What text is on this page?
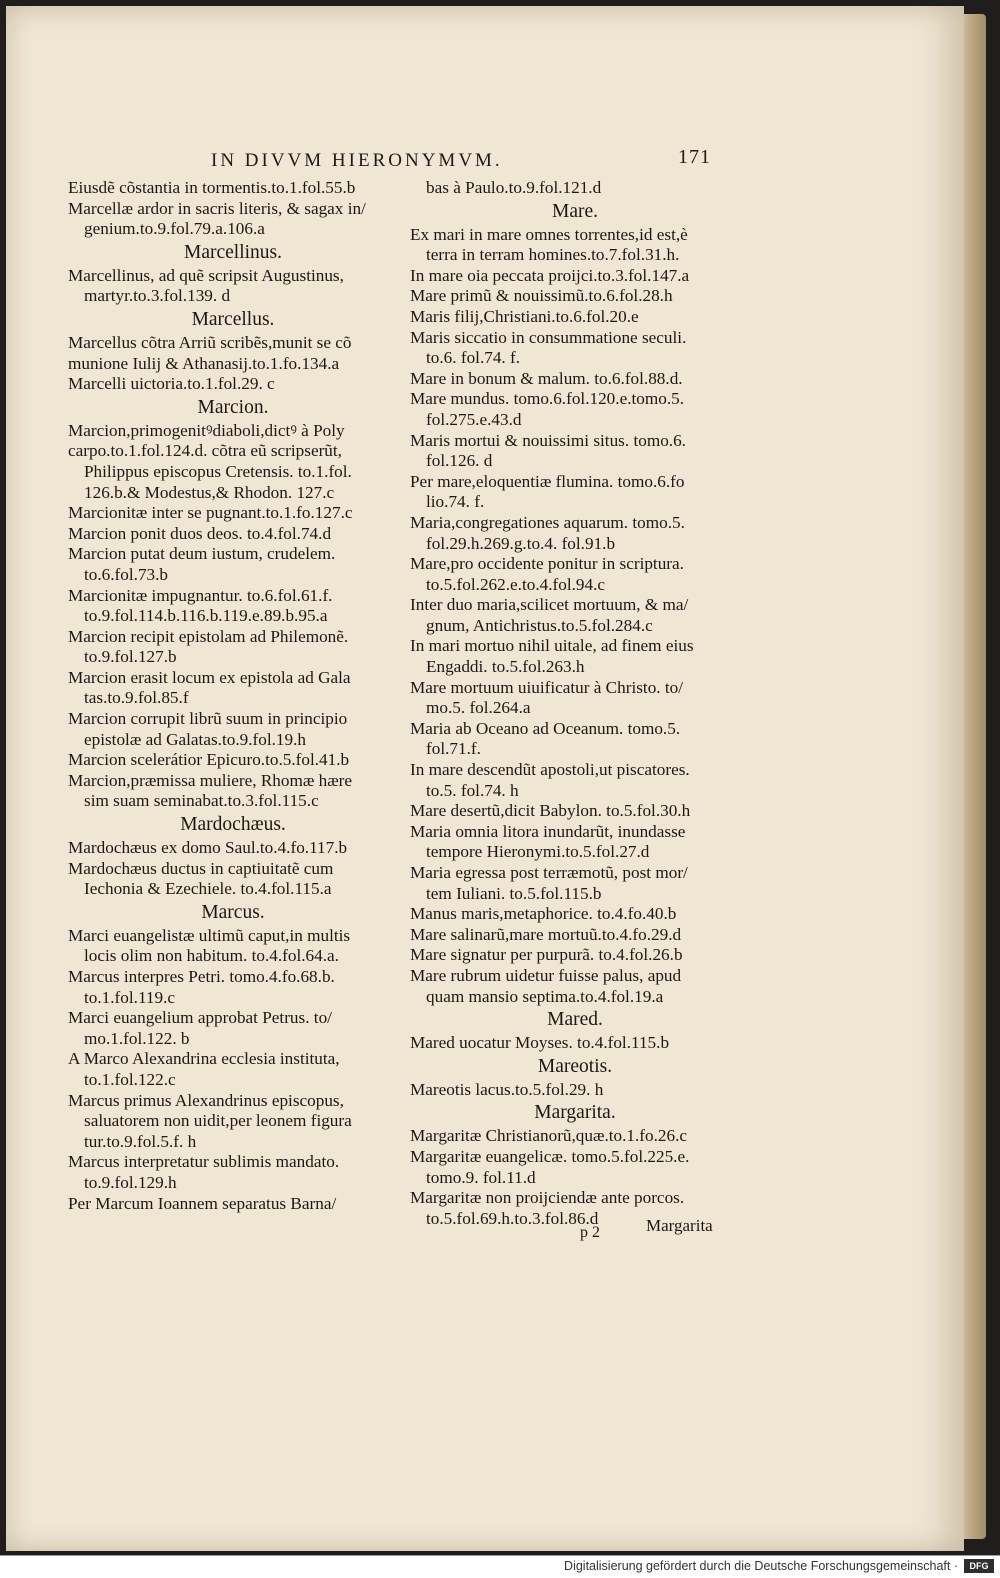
IN DIVVM HIERONYMVM.	171
Eiusdẽ cõstantia in tormentis.to.1.fol.55.b
Marcellæ ardor in sacris literis, & sagax in/
genium.to.9.fol.79.a.106.a
Marcellinus.
Marcellinus, ad quẽ scripsit Augustinus,
martyr.to.3.fol.139. d
Marcellus.
Marcellus cõtra Arriũ scribẽs,munit se cõ
munione Iulij & Athanasij.to.1.fo.134.a
Marcelli uictoria.to.1.fol.29. c
Marcion.
Marcion,primogenitꝰdiaboli,dictꝰ à Poly
carpo.to.1.fol.124.d. cõtra eũ scripserũt,
Philippus episcopus Cretensis. to.1.fol.
126.b.& Modestus,& Rhodon. 127.c
Marcionitæ inter se pugnant.to.1.fo.127.c
Marcion ponit duos deos. to.4.fol.74.d
Marcion putat deum iustum, crudelem.
to.6.fol.73.b
Marcionitæ impugnantur. to.6.fol.61.f.
to.9.fol.114.b.116.b.119.e.89.b.95.a
Marcion recipit epistolam ad Philemonẽ.
to.9.fol.127.b
Marcion erasit locum ex epistola ad Gala
tas.to.9.fol.85.f
Marcion corrupit librũ suum in principio
epistolæ ad Galatas.to.9.fol.19.h
Marcion scelerátior Epicuro.to.5.fol.41.b
Marcion,præmissa muliere, Rhomæ hære
sim suam seminabat.to.3.fol.115.c
Mardochæus.
Mardochæus ex domo Saul.to.4.fo.117.b
Mardochæus ductus in captiuitatẽ cum
Iechonia & Ezechiele. to.4.fol.115.a
Marcus.
Marci euangelistæ ultimũ caput,in multis
locis olim non habitum. to.4.fol.64.a.
Marcus interpres Petri. tomo.4.fo.68.b.
to.1.fol.119.c
Marci euangelium approbat Petrus. to/
mo.1.fol.122. b
A Marco Alexandrina ecclesia instituta,
to.1.fol.122.c
Marcus primus Alexandrinus episcopus,
saluatorem non uidit,per leonem figura
tur.to.9.fol.5.f. h
Marcus interpretatur sublimis mandato.
to.9.fol.129.h
Per Marcum Ioannem separatus Barna/
bas à Paulo.to.9.fol.121.d
Mare.
Ex mari in mare omnes torrentes,id est,è
terra in terram homines.to.7.fol.31.h.
In mare oia peccata proijci.to.3.fol.147.a
Mare primũ & nouissimũ.to.6.fol.28.h
Maris filij,Christiani.to.6.fol.20.e
Maris siccatio in consummatione seculi.
to.6. fol.74. f.
Mare in bonum & malum. to.6.fol.88.d.
Mare mundus. tomo.6.fol.120.e.tomo.5.
fol.275.e.43.d
Maris mortui & nouissimi situs. tomo.6.
fol.126. d
Per mare,eloquentiæ flumina. tomo.6.fo
lio.74. f.
Maria,congregationes aquarum. tomo.5.
fol.29.h.269.g.to.4. fol.91.b
Mare,pro occidente ponitur in scriptura.
to.5.fol.262.e.to.4.fol.94.c
Inter duo maria,scilicet mortuum, & ma/
gnum, Antichristus.to.5.fol.284.c
In mari mortuo nihil uitale, ad finem eius
Engaddi. to.5.fol.263.h
Mare mortuum uiuificatur à Christo. to/
mo.5. fol.264.a
Maria ab Oceano ad Oceanum. tomo.5.
fol.71.f.
In mare descendũt apostoli,ut piscatores.
to.5. fol.74. h
Mare desertũ,dicit Babylon. to.5.fol.30.h
Maria omnia litora inundarũt, inundasse
tempore Hieronymi.to.5.fol.27.d
Maria egressa post terræmotũ, post mor/
tem Iuliani. to.5.fol.115.b
Manus maris,metaphorice. to.4.fo.40.b
Mare salinarũ,mare mortuũ.to.4.fo.29.d
Mare signatur per purpurã. to.4.fol.26.b
Mare rubrum uidetur fuisse palus, apud
quam mansio septima.to.4.fol.19.a
Mared.
Mared uocatur Moyses. to.4.fol.115.b
Mareotis.
Mareotis lacus.to.5.fol.29. h
Margarita.
Margaritæ Christianorũ,quæ.to.1.fo.26.c
Margaritæ euangelicæ. tomo.5.fol.225.e.
tomo.9. fol.11.d
Margaritæ non proijciendæ ante porcos.
to.5.fol.69.h.to.3.fol.86.d
p 2	Margarita
Digitalisierung gefördert durch die Deutsche Forschungsgemeinschaft ·	DFG
